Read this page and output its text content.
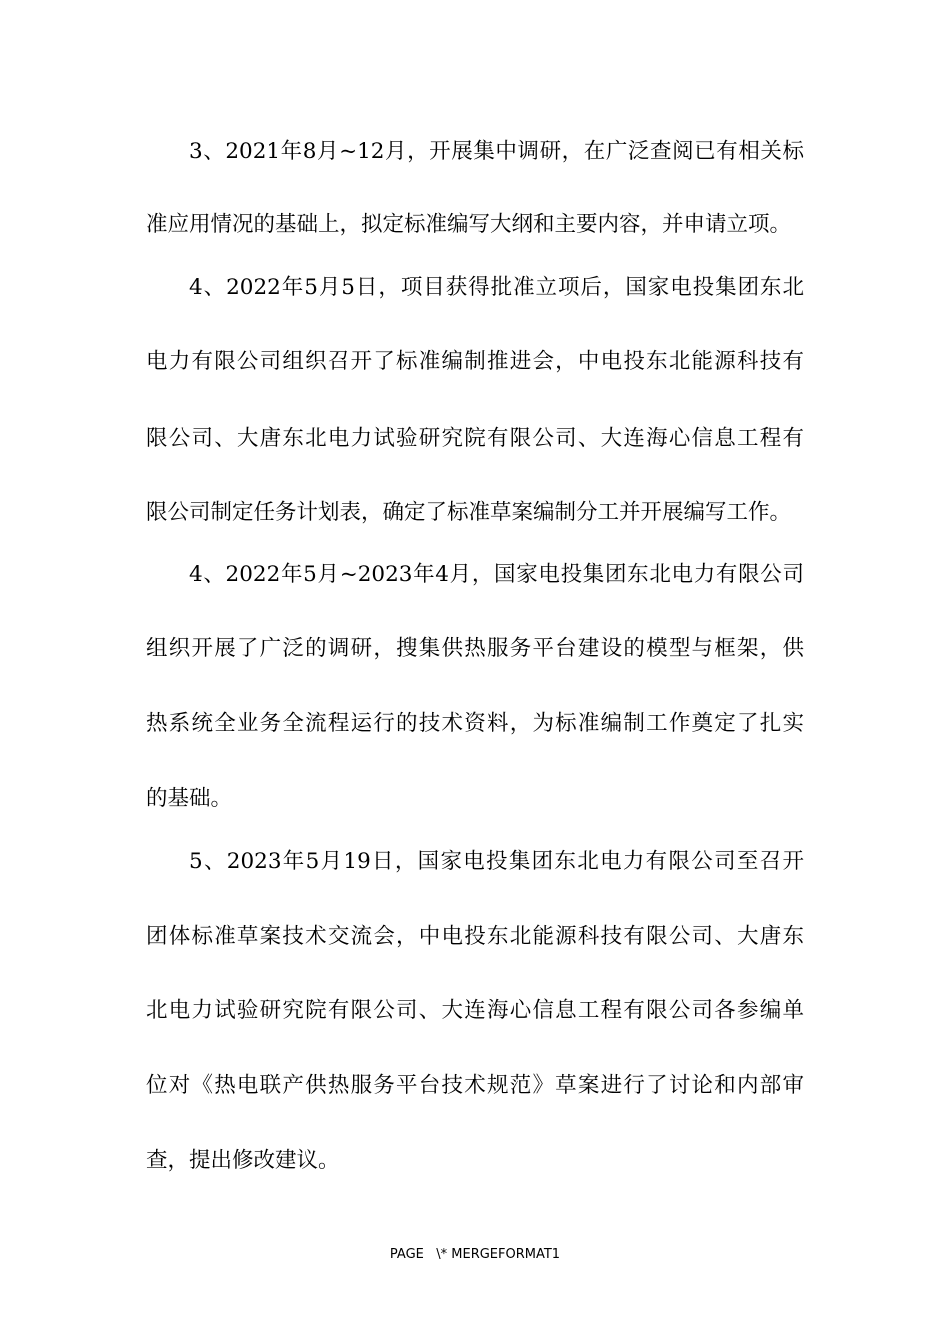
3、2021年8月~12月，开展集中调研，在广泛查阅已有相关标
准应用情况的基础上，拟定标准编写大纲和主要内容，并申请立项。
4、2022年5月5日，项目获得批准立项后，国家电投集团东北
电力有限公司组织召开了标准编制推进会，中电投东北能源科技有
限公司、大唐东北电力试验研究院有限公司、大连海心信息工程有
限公司制定任务计划表，确定了标准草案编制分工并开展编写工作。
4、2022年5月~2023年4月，国家电投集团东北电力有限公司
组织开展了广泛的调研，搜集供热服务平台建设的模型与框架，供
热系统全业务全流程运行的技术资料，为标准编制工作奠定了扎实
的基础。
5、2023年5月19日，国家电投集团东北电力有限公司至召开
团体标准草案技术交流会，中电投东北能源科技有限公司、大唐东
北电力试验研究院有限公司、大连海心信息工程有限公司各参编单
位对《热电联产供热服务平台技术规范》草案进行了讨论和内部审
查，提出修改建议。
PAGE   \* MERGEFORMAT1
